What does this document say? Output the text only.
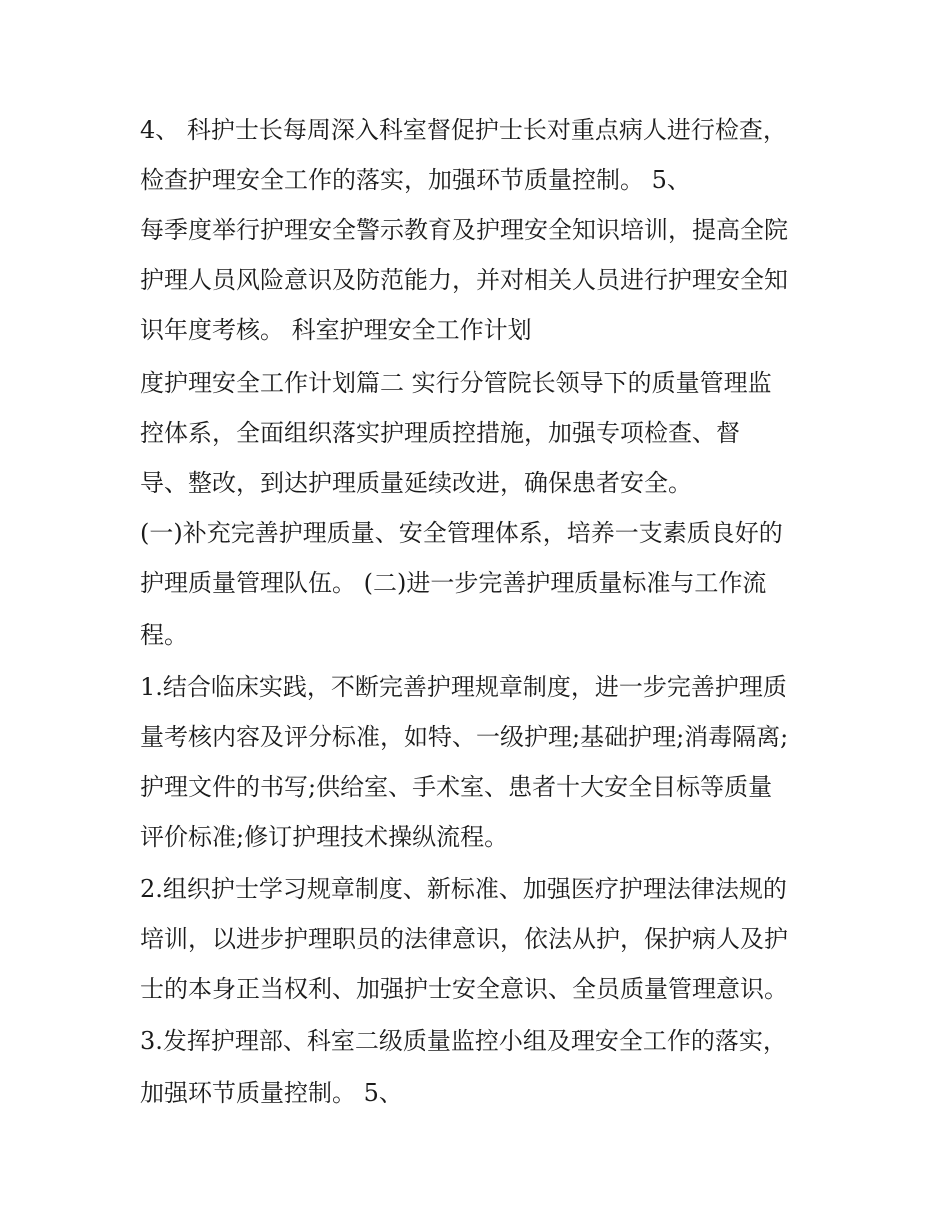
4、 科护士长每周深入科室督促护士长对重点病人进行检查，
检查护理安全工作的落实，加强环节质量控制。 5、
每季度举行护理安全警示教育及护理安全知识培训，提高全院
护理人员风险意识及防范能力，并对相关人员进行护理安全知
识年度考核。 科室护理安全工作计划
度护理安全工作计划篇二 实行分管院长领导下的质量管理监
控体系，全面组织落实护理质控措施，加强专项检查、督
导、整改，到达护理质量延续改进，确保患者安全。
(一)补充完善护理质量、安全管理体系，培养一支素质良好的
护理质量管理队伍。 (二)进一步完善护理质量标准与工作流
程。
1.结合临床实践，不断完善护理规章制度，进一步完善护理质
量考核内容及评分标准，如特、一级护理;基础护理;消毒隔离;
护理文件的书写;供给室、手术室、患者十大安全目标等质量
评价标准;修订护理技术操纵流程。
2.组织护士学习规章制度、新标准、加强医疗护理法律法规的
培训，以进步护理职员的法律意识，依法从护，保护病人及护
士的本身正当权利、加强护士安全意识、全员质量管理意识。
3.发挥护理部、科室二级质量监控小组及理安全工作的落实，
加强环节质量控制。 5、
